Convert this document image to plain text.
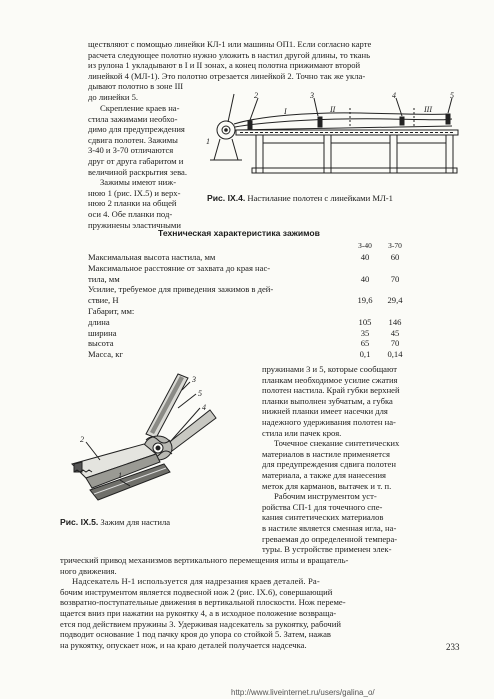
ществляют с помощью линейки КЛ-1 или машины ОП1. Если согласно карте
расчета следующее полотно нужно уложить в настил другой длины, то ткань
из рулона 1 укладывают в I и II зонах, а конец полотна прижимают второй
линейкой 4 (МЛ-1). Это полотно отрезается линейкой 2. Точно так же укла-
дывают полотно в зоне III
до линейки 5.
Скрепление краев на-
стила зажимами необхо-
димо для предупреждения
сдвига полотен. Зажимы
З-40 и З-70 отличаются
друг от друга габаритом и
величиной раскрытия зева.
Зажимы имеют ниж-
нюю 1 (рис. IX.5) и верх-
нюю 2 планки на общей
оси 4. Обе планки под-
пружинены эластичными
1
2	3	4	5
II	III
I
Рис. IX.4. Настилание полотен с линейками МЛ-1
Техническая характеристика зажимов
	З-40	З-70
Максимальная высота настила, мм	40	60
Максимальное расстояние от захвата до края нас-		
тила, мм	40	70
Усилие, требуемое для приведения зажимов в дей-		
ствие, Н	19,6	29,4
Габарит, мм:		
длина	105	146
ширина	35	45
высота	65	70
Масса, кг	0,1	0,14
3
5
4
2
1
Рис. IX.5. Зажим для настила
пружинами 3 и 5, которые сообщают
планкам необходимое усилие сжатия
полотен настила. Край губки верхней
планки выполнен зубчатым, а губка
нижней планки имеет насечки для
надежного удерживания полотен на-
стила или пачек кроя.
Точечное снекание синтетических
материалов в настиле применяется
для предупреждения сдвига полотен
материала, а также для нанесения
меток для карманов, вытачек и т. п.
Рабочим инструментом уст-
ройства СП-1 для точечного спе-
кания синтетических материалов
в настиле является сменная игла, на-
греваемая до определенной темпера-
туры. В устройстве применен элек-
трический привод механизмов вертикального перемещения иглы и вращатель-
ного движения.
Надсекатель Н-1 используется для надрезания краев деталей. Ра-
бочим инструментом является подвесной нож 2 (рис. IX.6), совершающий
возвратно-поступательные движения в вертикальной плоскости. Нож переме-
щается вниз при нажатии на рукоятку 4, а в исходное положение возвраща-
ется под действием пружины 3. Удерживая надсекатель за рукоятку, рабочий
подводит основание 1 под пачку кроя до упора со стойкой 5. Затем, нажав
на рукоятку, опускает нож, и на краю деталей получается надсечка.	233
http://www.liveinternet.ru/users/galina_o/
